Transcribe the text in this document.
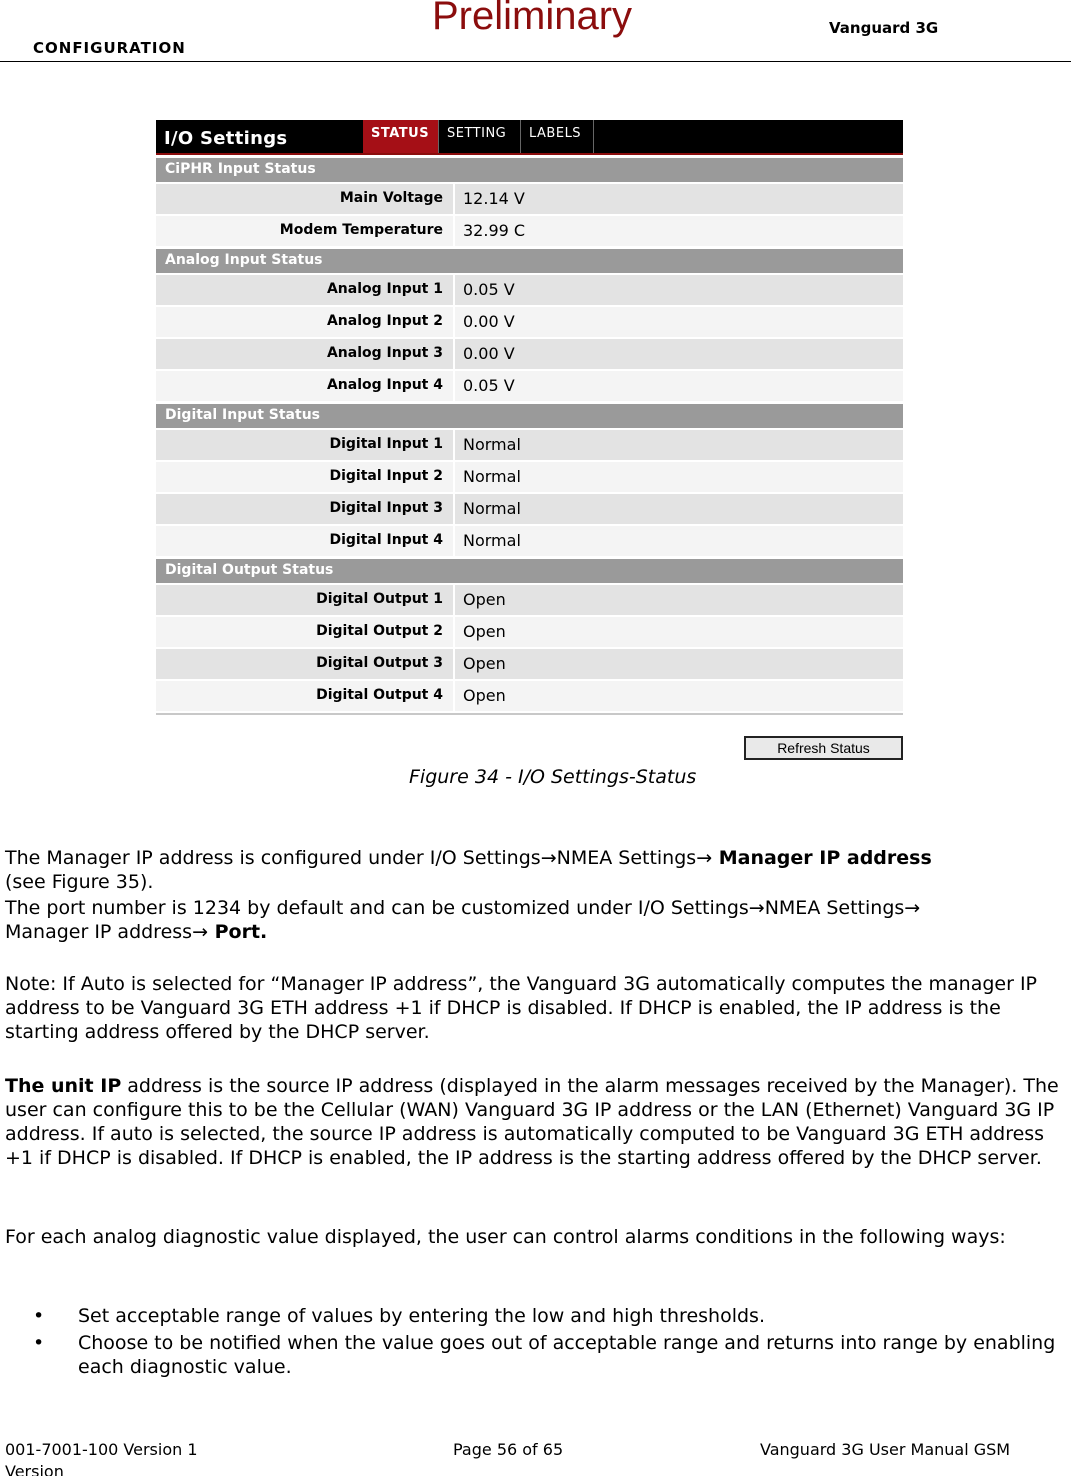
CONFIGURATION
Preliminary	Vanguard 3G
I/O Settings	STATUS	SETTING	LABELS
CiPHR Input Status
Main Voltage	12.14 V
Modem Temperature	32.99 C
Analog Input Status
Analog Input 1	0.05 V
Analog Input 2	0.00 V
Analog Input 3	0.00 V
Analog Input 4	0.05 V
Digital Input Status
Digital Input 1	Normal
Digital Input 2	Normal
Digital Input 3	Normal
Digital Input 4	Normal
Digital Output Status
Digital Output 1	Open
Digital Output 2	Open
Digital Output 3	Open
Digital Output 4	Open
Refresh Status
Figure 34 - I/O Settings-Status
The Manager IP address is configured under I/O Settings→NMEA Settings→ Manager IP address
(see Figure 35).
The port number is 1234 by default and can be customized under I/O Settings→NMEA Settings→
Manager IP address→ Port.
Note: If Auto is selected for “Manager IP address”, the Vanguard 3G automatically computes the manager IP address to be Vanguard 3G ETH address +1 if DHCP is disabled. If DHCP is enabled, the IP address is the starting address offered by the DHCP server.
The unit IP address is the source IP address (displayed in the alarm messages received by the Manager). The user can configure this to be the Cellular (WAN) Vanguard 3G IP address or the LAN (Ethernet) Vanguard 3G IP address. If auto is selected, the source IP address is automatically computed to be Vanguard 3G ETH address +1 if DHCP is disabled. If DHCP is enabled, the IP address is the starting address offered by the DHCP server.
For each analog diagnostic value displayed, the user can control alarms conditions in the following ways:
• Set acceptable range of values by entering the low and high thresholds.
• Choose to be notified when the value goes out of acceptable range and returns into range by enabling each diagnostic value.
001-7001-100 Version 1	Page 56 of 65	Vanguard 3G User Manual GSM
Version
